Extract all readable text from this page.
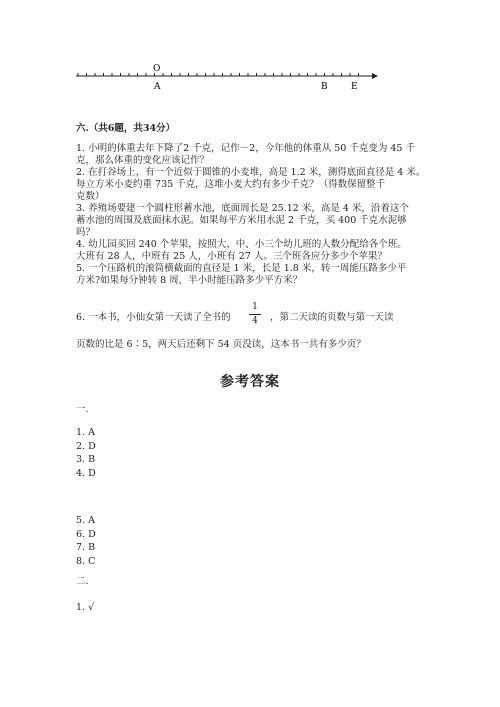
O
A	B	E
六.（共6题，共34分）
1. 小明的体重去年下降了2 千克，记作－2，今年他的体重从 50 千克变为 45 千
克，那么体重的变化应该记作？
2. 在打谷场上，有一个近似于圆锥的小麦堆，高是 1.2 米，测得底面直径是 4 米。
每立方米小麦约重 735 千克，这堆小麦大约有多少千克？（得数保留整千
克数）
3. 养殖场要建一个圆柱形蓄水池，底面周长是 25.12 米，高是 4 米，沿着这个
蓄水池的周围及底面抹水泥。如果每平方米用水泥 2 千克，买 400 千克水泥够
吗？
4. 幼儿园买回 240 个苹果，按照大、中、小三个幼儿班的人数分配给各个班。
大班有 28 人，中班有 25 人，小班有 27 人。三个班各应分多少个苹果？
5. 一个压路机的滚筒横截面的直径是 1 米，长是 1.8 米，转一周能压路多少平
方米?如果每分钟转 8 周，半小时能压路多少平方米？
6. 一本书，小仙女第一天读了全书的
1
4	，第二天读的页数与第一天读
页数的比是 6∶5，两天后还剩下 54 页没读，这本书一共有多少页？
参考答案
一.
1. A
2. D
3. B
4. D
5. A
6. D
7. B
8. C
二.
1. √
